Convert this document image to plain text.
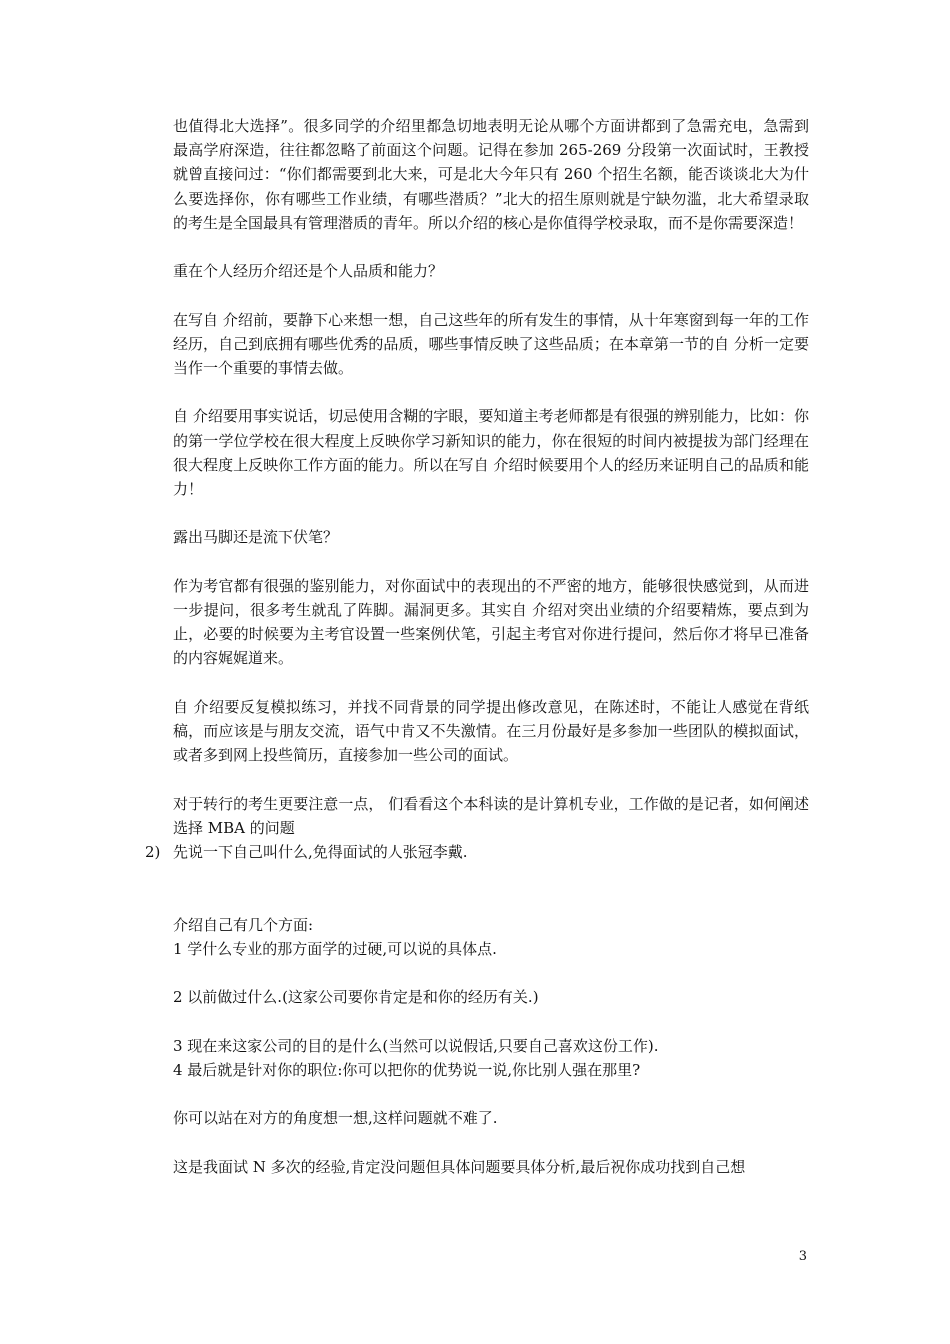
也值得北大选择”。很多同学的介绍里都急切地表明无论从哪个方面讲都到了急需充电，急需到最高学府深造，往往都忽略了前面这个问题。记得在参加 265-269 分段第一次面试时，王教授就曾直接问过：“你们都需要到北大来，可是北大今年只有 260 个招生名额，能否谈谈北大为什么要选择你，你有哪些工作业绩，有哪些潜质？”北大的招生原则就是宁缺勿滥，北大希望录取的考生是全国最具有管理潜质的青年。所以介绍的核心是你值得学校录取，而不是你需要深造！

重在个人经历介绍还是个人品质和能力？

在写自 介绍前，要静下心来想一想，自己这些年的所有发生的事情，从十年寒窗到每一年的工作经历，自己到底拥有哪些优秀的品质，哪些事情反映了这些品质；在本章第一节的自 分析一定要当作一个重要的事情去做。

自 介绍要用事实说话，切忌使用含糊的字眼，要知道主考老师都是有很强的辨别能力，比如：你的第一学位学校在很大程度上反映你学习新知识的能力，你在很短的时间内被提拔为部门经理在很大程度上反映你工作方面的能力。所以在写自 介绍时候要用个人的经历来证明自己的品质和能力！

露出马脚还是流下伏笔？

作为考官都有很强的鉴别能力，对你面试中的表现出的不严密的地方，能够很快感觉到，从而进一步提问，很多考生就乱了阵脚。漏洞更多。其实自 介绍对突出业绩的介绍要精炼，要点到为止，必要的时候要为主考官设置一些案例伏笔，引起主考官对你进行提问，然后你才将早已准备的内容娓娓道来。

自 介绍要反复模拟练习，并找不同背景的同学提出修改意见，在陈述时，不能让人感觉在背纸稿，而应该是与朋友交流，语气中肯又不失激情。在三月份最好是多参加一些团队的模拟面试，或者多到网上投些简历，直接参加一些公司的面试。

对于转行的考生更要注意一点， 们看看这个本科读的是计算机专业，工作做的是记者，如何阐述选择 MBA 的问题

2) 先说一下自己叫什么,免得面试的人张冠李戴.

介绍自己有几个方面:

1 学什么专业的那方面学的过硬,可以说的具体点.

2 以前做过什么.(这家公司要你肯定是和你的经历有关.)

3 现在来这家公司的目的是什么(当然可以说假话,只要自己喜欢这份工作).

4 最后就是针对你的职位:你可以把你的优势说一说,你比别人强在那里?

你可以站在对方的角度想一想,这样问题就不难了.

这是我面试 N 多次的经验,肯定没问题但具体问题要具体分析,最后祝你成功找到自己想

3
